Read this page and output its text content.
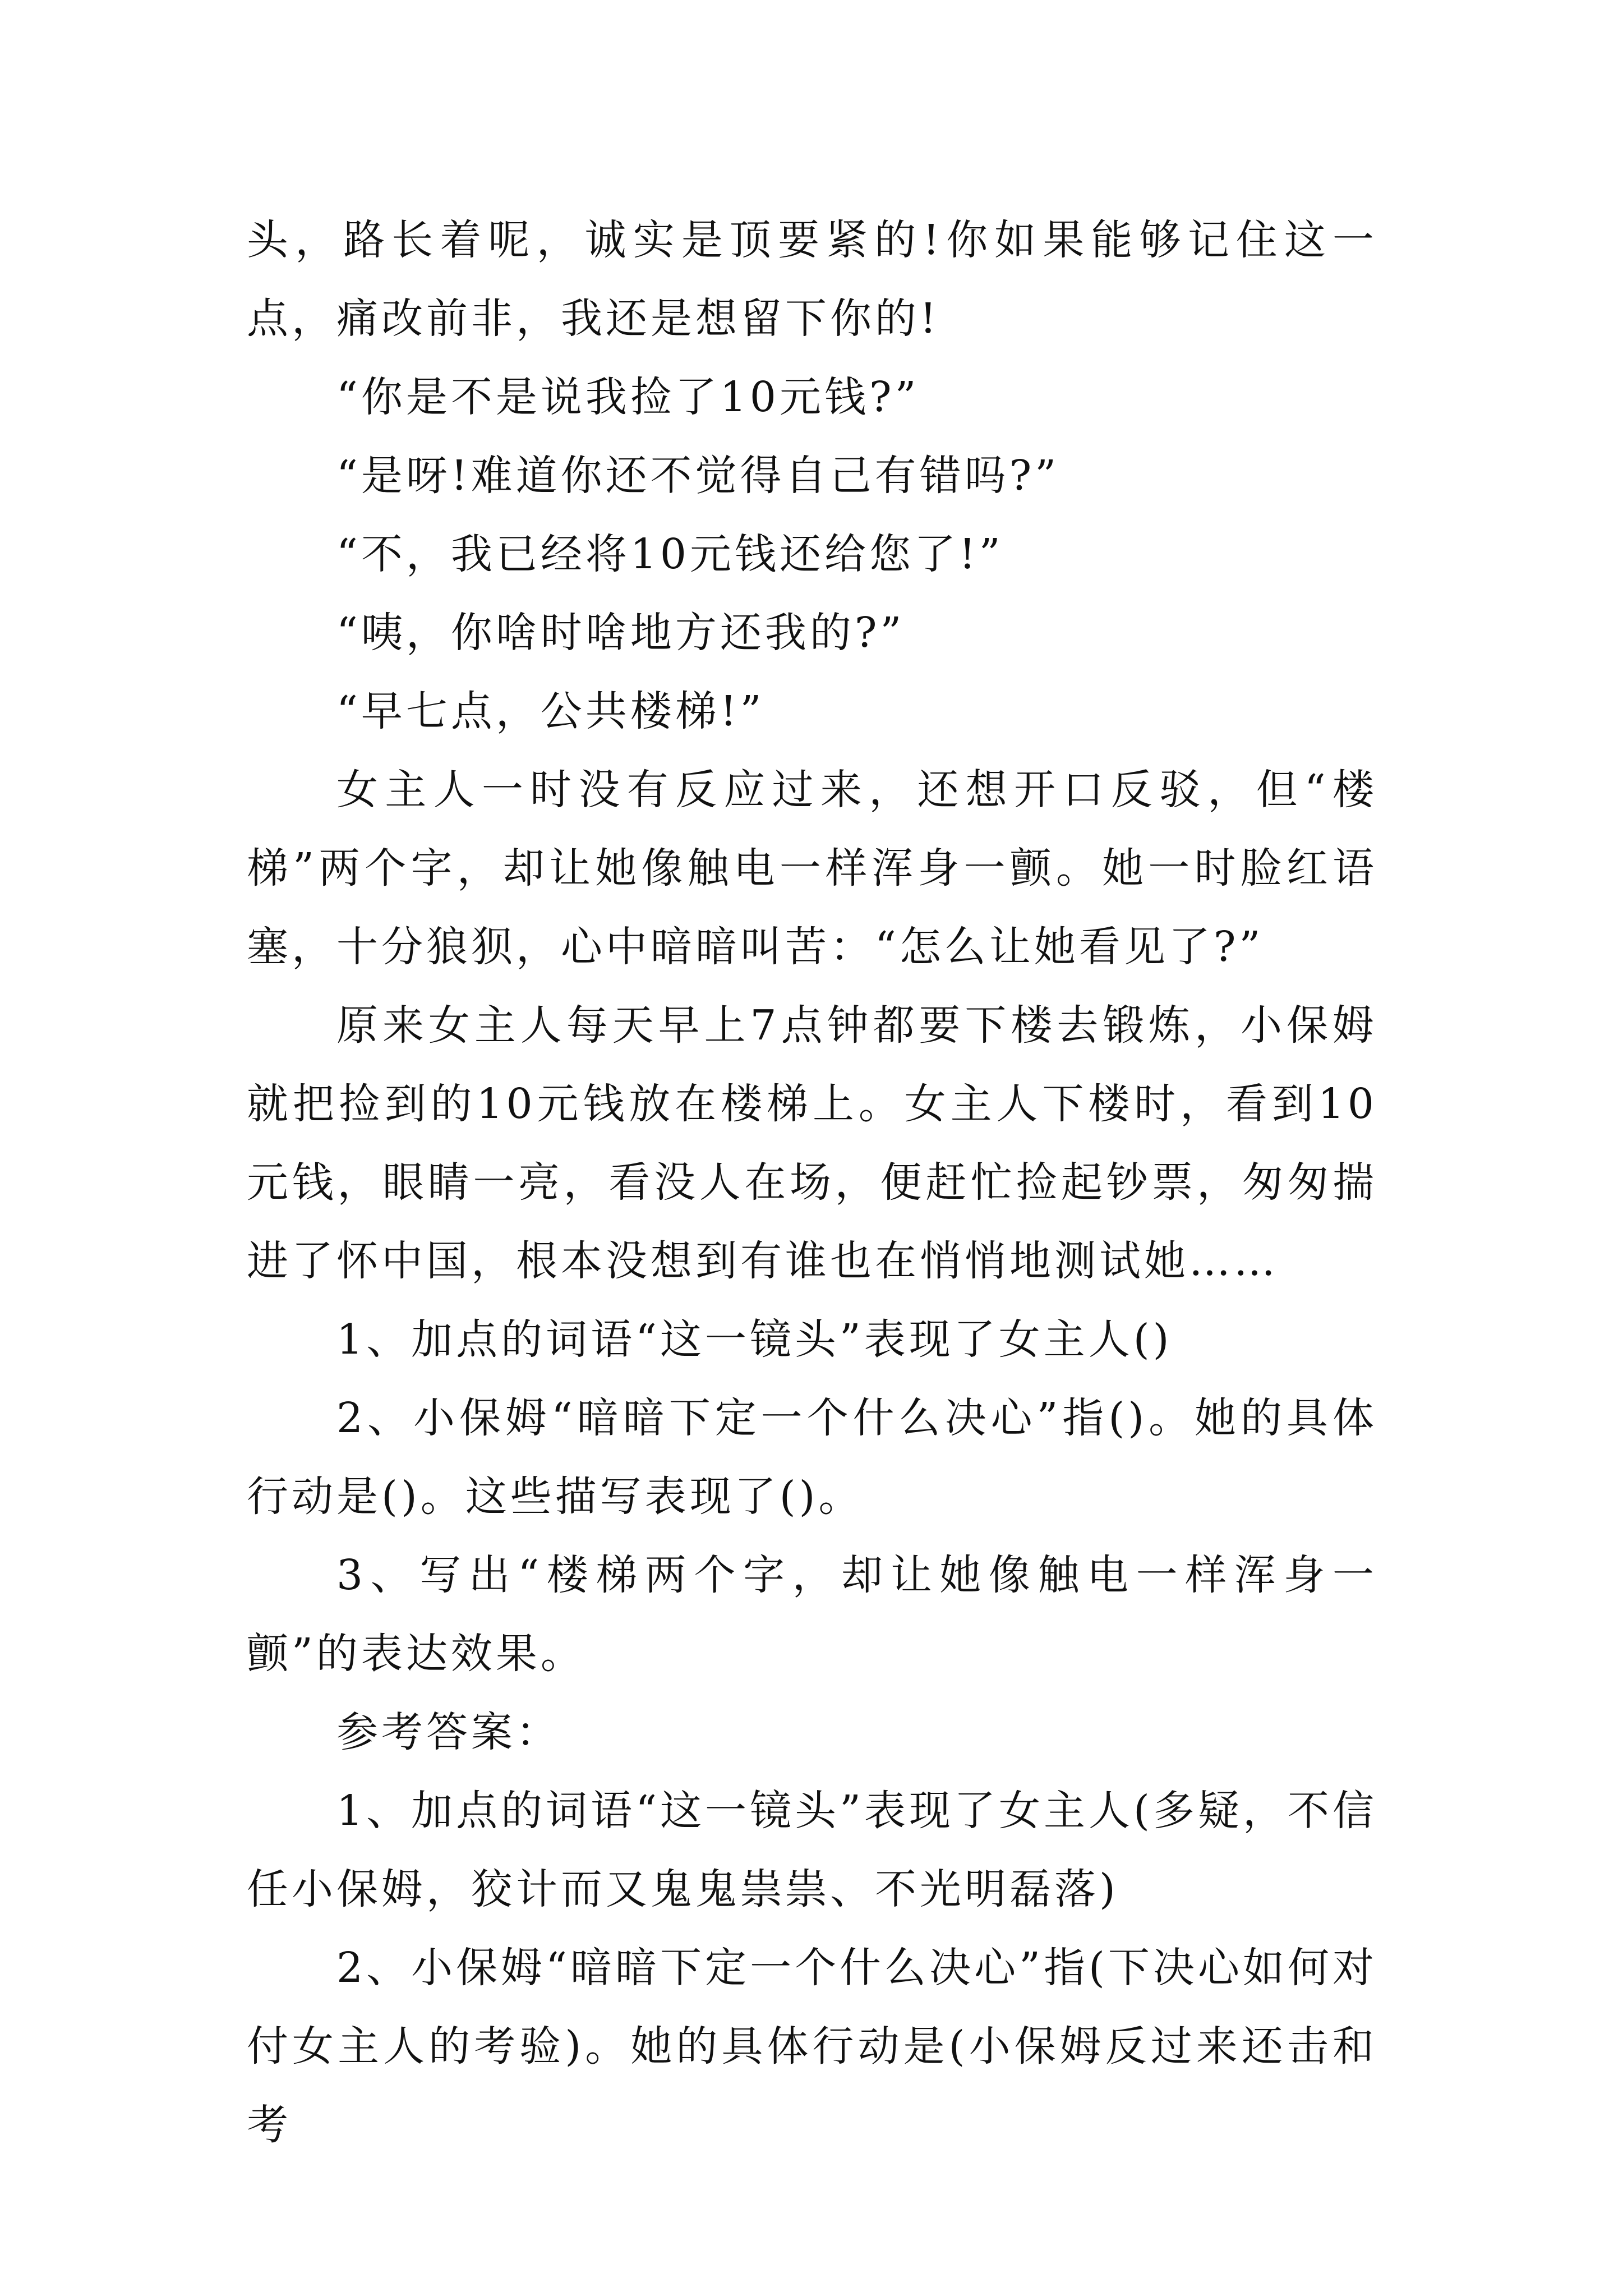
头，路长着呢，诚实是顶要紧的!你如果能够记住这一点，痛改前非，我还是想留下你的!

“你是不是说我捡了10元钱?”

“是呀!难道你还不觉得自己有错吗?”

“不，我已经将10元钱还给您了!”

“咦，你啥时啥地方还我的?”

“早七点，公共楼梯!”

女主人一时没有反应过来，还想开口反驳，但“楼梯”两个字，却让她像触电一样浑身一颤。她一时脸红语塞，十分狼狈，心中暗暗叫苦：“怎么让她看见了?”

原来女主人每天早上7点钟都要下楼去锻炼，小保姆就把捡到的10元钱放在楼梯上。女主人下楼时，看到10元钱，眼睛一亮，看没人在场，便赶忙捡起钞票，匆匆揣进了怀中国，根本没想到有谁也在悄悄地测试她……

1、加点的词语“这一镜头”表现了女主人()

2、小保姆“暗暗下定一个什么决心”指()。她的具体行动是()。这些描写表现了()。

3、写出“楼梯两个字，却让她像触电一样浑身一颤”的表达效果。

参考答案：

1、加点的词语“这一镜头”表现了女主人(多疑，不信任小保姆，狡计而又鬼鬼祟祟、不光明磊落)

2、小保姆“暗暗下定一个什么决心”指(下决心如何对付女主人的考验)。她的具体行动是(小保姆反过来还击和考
